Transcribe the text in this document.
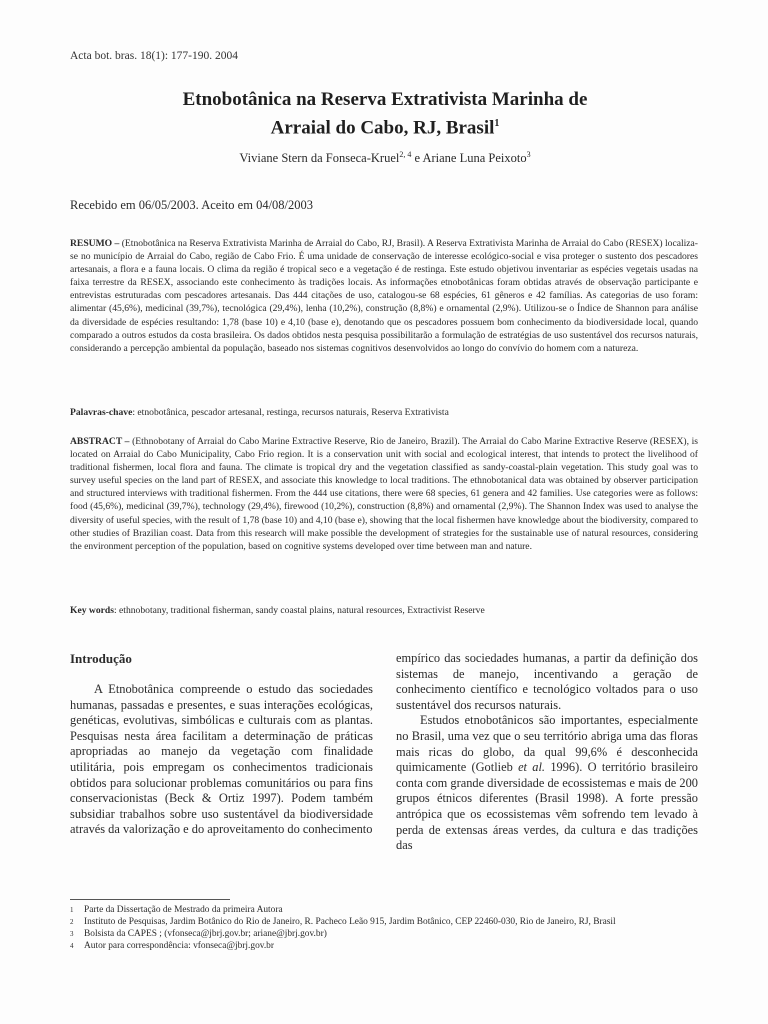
Acta bot. bras. 18(1): 177-190. 2004
Etnobotânica na Reserva Extrativista Marinha de
Arraial do Cabo, RJ, Brasil$^1$
Viviane Stern da Fonseca-Kruel$^{2, 4}$ e Ariane Luna Peixoto$^3$
Recebido em 06/05/2003. Aceito em 04/08/2003
RESUMO – (Etnobotânica na Reserva Extrativista Marinha de Arraial do Cabo, RJ, Brasil). A Reserva Extrativista Marinha de Arraial do Cabo (RESEX) localiza-se no município de Arraial do Cabo, região de Cabo Frio. É uma unidade de conservação de interesse ecológico-social e visa proteger o sustento dos pescadores artesanais, a flora e a fauna locais. O clima da região é tropical seco e a vegetação é de restinga. Este estudo objetivou inventariar as espécies vegetais usadas na faixa terrestre da RESEX, associando este conhecimento às tradições locais. As informações etnobotânicas foram obtidas através de observação participante e entrevistas estruturadas com pescadores artesanais. Das 444 citações de uso, catalogou-se 68 espécies, 61 gêneros e 42 famílias. As categorias de uso foram: alimentar (45,6%), medicinal (39,7%), tecnológica (29,4%), lenha (10,2%), construção (8,8%) e ornamental (2,9%). Utilizou-se o Índice de Shannon para análise da diversidade de espécies resultando: 1,78 (base 10) e 4,10 (base e), denotando que os pescadores possuem bom conhecimento da biodiversidade local, quando comparado a outros estudos da costa brasileira. Os dados obtidos nesta pesquisa possibilitarão a formulação de estratégias de uso sustentável dos recursos naturais, considerando a percepção ambiental da população, baseado nos sistemas cognitivos desenvolvidos ao longo do convívio do homem com a natureza.
Palavras-chave: etnobotânica, pescador artesanal, restinga, recursos naturais, Reserva Extrativista
ABSTRACT – (Ethnobotany of Arraial do Cabo Marine Extractive Reserve, Rio de Janeiro, Brazil). The Arraial do Cabo Marine Extractive Reserve (RESEX), is located on Arraial do Cabo Municipality, Cabo Frio region. It is a conservation unit with social and ecological interest, that intends to protect the livelihood of traditional fishermen, local flora and fauna. The climate is tropical dry and the vegetation classified as sandy-coastal-plain vegetation. This study goal was to survey useful species on the land part of RESEX, and associate this knowledge to local traditions. The ethnobotanical data was obtained by observer participation and structured interviews with traditional fishermen. From the 444 use citations, there were 68 species, 61 genera and 42 families. Use categories were as follows: food (45,6%), medicinal (39,7%), technology (29,4%), firewood (10,2%), construction (8,8%) and ornamental (2,9%). The Shannon Index was used to analyse the diversity of useful species, with the result of 1,78 (base 10) and 4,10 (base e), showing that the local fishermen have knowledge about the biodiversity, compared to other studies of Brazilian coast. Data from this research will make possible the development of strategies for the sustainable use of natural resources, considering the environment perception of the population, based on cognitive systems developed over time between man and nature.
Key words: ethnobotany, traditional fisherman, sandy coastal plains, natural resources, Extractivist Reserve
Introdução

A Etnobotânica compreende o estudo das sociedades humanas, passadas e presentes, e suas interações ecológicas, genéticas, evolutivas, simbólicas e culturais com as plantas. Pesquisas nesta área facilitam a determinação de práticas apropriadas ao manejo da vegetação com finalidade utilitária, pois empregam os conhecimentos tradicionais obtidos para solucionar problemas comunitários ou para fins conservacionistas (Beck & Ortiz 1997). Podem também subsidiar trabalhos sobre uso sustentável da biodiversidade através da valorização e do aproveitamento do conhecimento

empírico das sociedades humanas, a partir da definição dos sistemas de manejo, incentivando a geração de conhecimento científico e tecnológico voltados para o uso sustentável dos recursos naturais.

Estudos etnobotânicos são importantes, especialmente no Brasil, uma vez que o seu território abriga uma das floras mais ricas do globo, da qual 99,6% é desconhecida quimicamente (Gotlieb et al. 1996). O território brasileiro conta com grande diversidade de ecossistemas e mais de 200 grupos étnicos diferentes (Brasil 1998). A forte pressão antrópica que os ecossistemas vêm sofrendo tem levado à perda de extensas áreas verdes, da cultura e das tradições das

1	Parte da Dissertação de Mestrado da primeira Autora
2	Instituto de Pesquisas, Jardim Botânico do Rio de Janeiro, R. Pacheco Leão 915, Jardim Botânico, CEP 22460-030, Rio de Janeiro, RJ, Brasil
3	Bolsista da CAPES ; (vfonseca@jbrj.gov.br; ariane@jbrj.gov.br)
4	Autor para correspondência: vfonseca@jbrj.gov.br
